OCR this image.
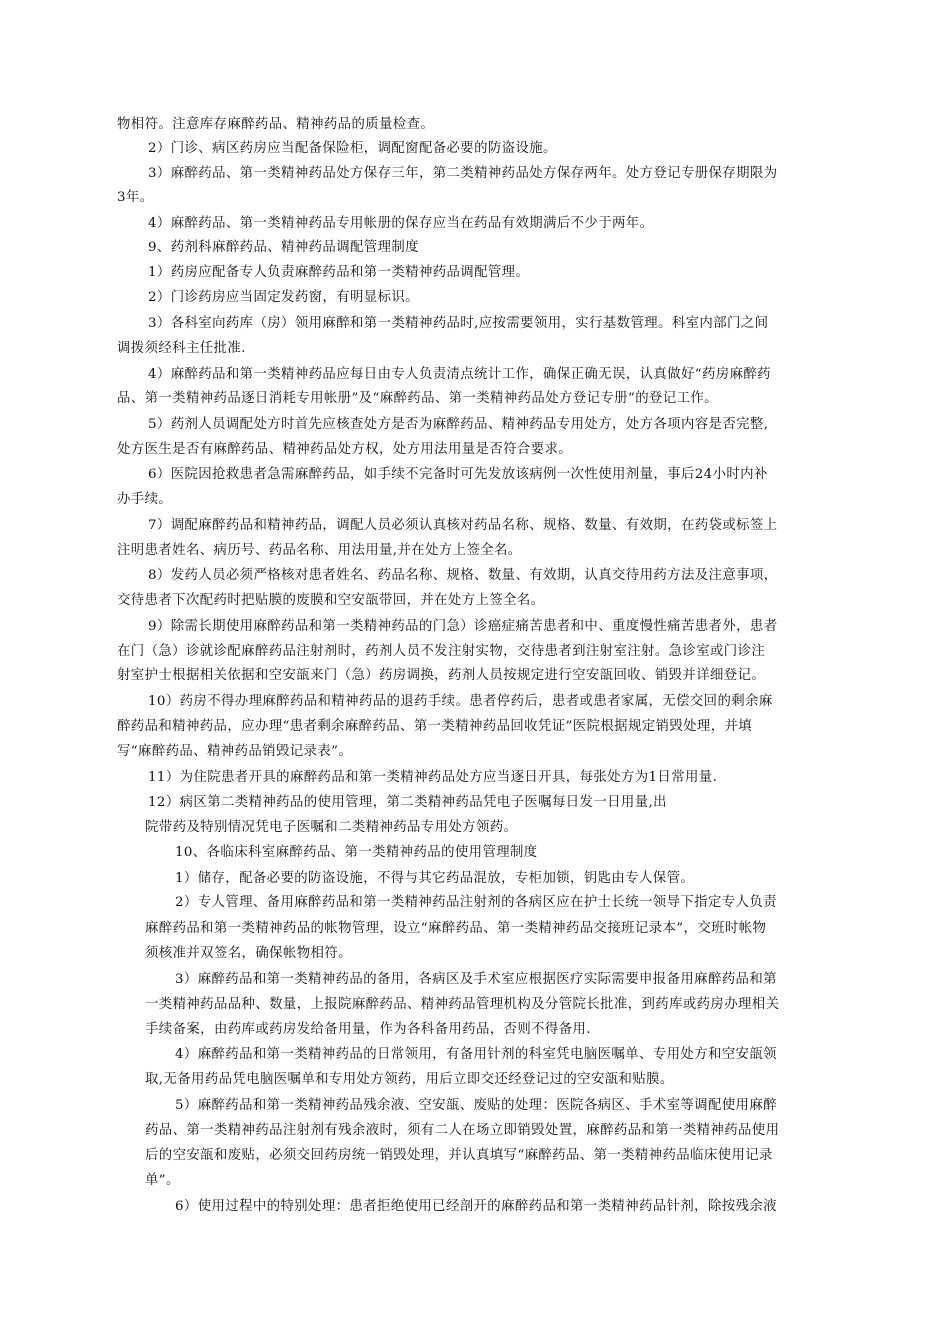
物相符。注意库存麻醉药品、精神药品的质量检查。
2）门诊、病区药房应当配备保险柜，调配窗配备必要的防盗设施。
3）麻醉药品、第一类精神药品处方保存三年，第二类精神药品处方保存两年。处方登记专册保存期限为
3年。
4）麻醉药品、第一类精神药品专用帐册的保存应当在药品有效期满后不少于两年。
9、药剂科麻醉药品、精神药品调配管理制度
1）药房应配备专人负责麻醉药品和第一类精神药品调配管理。
2）门诊药房应当固定发药窗，有明显标识。
3）各科室向药库（房）领用麻醉和第一类精神药品时,应按需要领用，实行基数管理。科室内部门之间
调拨须经科主任批准.
4）麻醉药品和第一类精神药品应每日由专人负责清点统计工作，确保正确无误，认真做好“药房麻醉药
品、第一类精神药品逐日消耗专用帐册”及“麻醉药品、第一类精神药品处方登记专册”的登记工作。
5）药剂人员调配处方时首先应核查处方是否为麻醉药品、精神药品专用处方，处方各项内容是否完整,
处方医生是否有麻醉药品、精神药品处方权，处方用法用量是否符合要求。
6）医院因抢救患者急需麻醉药品，如手续不完备时可先发放该病例一次性使用剂量，事后24小时内补
办手续。
7）调配麻醉药品和精神药品，调配人员必须认真核对药品名称、规格、数量、有效期，在药袋或标签上
注明患者姓名、病历号、药品名称、用法用量,并在处方上签全名。
8）发药人员必须严格核对患者姓名、药品名称、规格、数量、有效期，认真交待用药方法及注意事项，
交待患者下次配药时把贴膜的废膜和空安瓿带回，并在处方上签全名。
9）除需长期使用麻醉药品和第一类精神药品的门急）诊癌症痛苦患者和中、重度慢性痛苦患者外，患者
在门（急）诊就诊配麻醉药品注射剂时，药剂人员不发注射实物，交待患者到注射室注射。急诊室或门诊注
射室护士根据相关依据和空安瓿来门（急）药房调换，药剂人员按规定进行空安瓿回收、销毁并详细登记。
10）药房不得办理麻醉药品和精神药品的退药手续。患者停药后，患者或患者家属，无偿交回的剩余麻
醉药品和精神药品，应办理“患者剩余麻醉药品、第一类精神药品回收凭证”医院根据规定销毁处理，并填
写“麻醉药品、精神药品销毁记录表”。
11）为住院患者开具的麻醉药品和第一类精神药品处方应当逐日开具，每张处方为1日常用量.
12）病区第二类精神药品的使用管理，第二类精神药品凭电子医嘱每日发一日用量,出
院带药及特别情况凭电子医嘱和二类精神药品专用处方领药。
10、各临床科室麻醉药品、第一类精神药品的使用管理制度
1）储存，配备必要的防盗设施，不得与其它药品混放，专柜加锁，钥匙由专人保管。
2）专人管理、备用麻醉药品和第一类精神药品注射剂的各病区应在护士长统一领导下指定专人负责
麻醉药品和第一类精神药品的帐物管理，设立“麻醉药品、第一类精神药品交接班记录本”，交班时帐物
须核准并双签名，确保帐物相符。
3）麻醉药品和第一类精神药品的备用，各病区及手术室应根据医疗实际需要申报备用麻醉药品和第
一类精神药品品种、数量，上报院麻醉药品、精神药品管理机构及分管院长批准，到药库或药房办理相关
手续备案，由药库或药房发给备用量，作为各科备用药品，否则不得备用.
4）麻醉药品和第一类精神药品的日常领用，有备用针剂的科室凭电脑医嘱单、专用处方和空安瓿领
取,无备用药品凭电脑医嘱单和专用处方领药，用后立即交还经登记过的空安瓿和贴膜。
5）麻醉药品和第一类精神药品残余液、空安瓿、废贴的处理：医院各病区、手术室等调配使用麻醉
药品、第一类精神药品注射剂有残余液时，须有二人在场立即销毁处置，麻醉药品和第一类精神药品使用
后的空安瓿和废贴，必须交回药房统一销毁处理，并认真填写“麻醉药品、第一类精神药品临床使用记录
单”。
6）使用过程中的特别处理：患者拒绝使用已经剖开的麻醉药品和第一类精神药品针剂，除按残余液
